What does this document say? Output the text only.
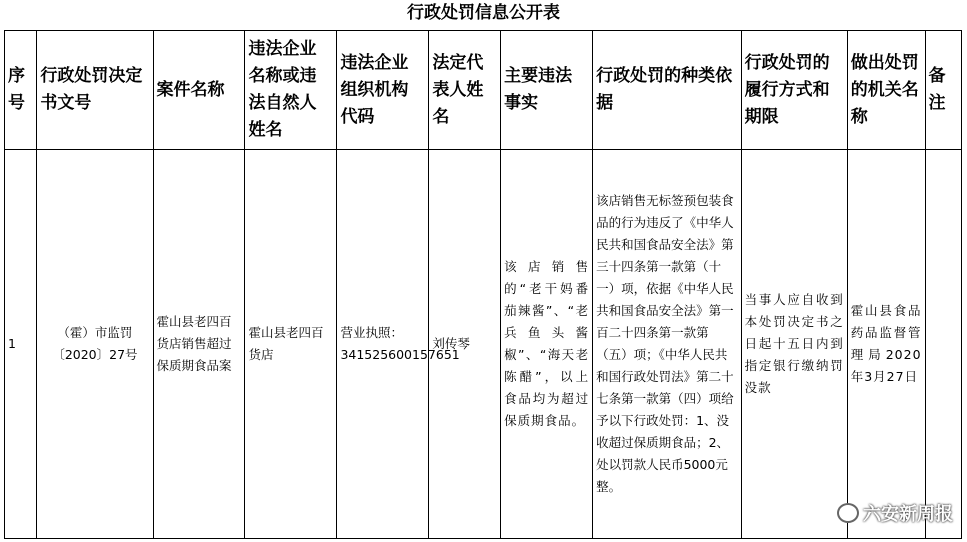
行政处罚信息公开表
序号	行政处罚决定书文号	案件名称	违法企业名称或违法自然人姓名	违法企业组织机构代码	法定代表人姓名	主要违法事实	行政处罚的种类依据	行政处罚的履行方式和期限	做出处罚的机关名称	备注
1	（霍）市监罚〔2020〕27号	霍山县老四百货店销售超过保质期食品案	霍山县老四百货店	营业执照：341525600157651	刘传琴	该店销售的“老干妈番茄辣酱”、“老兵鱼头酱椒”、“海天老陈醋”，以上食品均为超过保质期食品。	该店销售无标签预包装食品的行为违反了《中华人民共和国食品安全法》第三十四条第一款第（十一）项，依据《中华人民共和国食品安全法》第一百二十四条第一款第（五）项；《中华人民共和国行政处罚法》第二十七条第一款第（四）项给予以下行政处罚：1、没收超过保质期食品；2、处以罚款人民币5000元整。	当事人应自收到本处罚决定书之日起十五日内到指定银行缴纳罚没款	霍山县食品药品监督管理局2020年3月27日	
六安新周报
